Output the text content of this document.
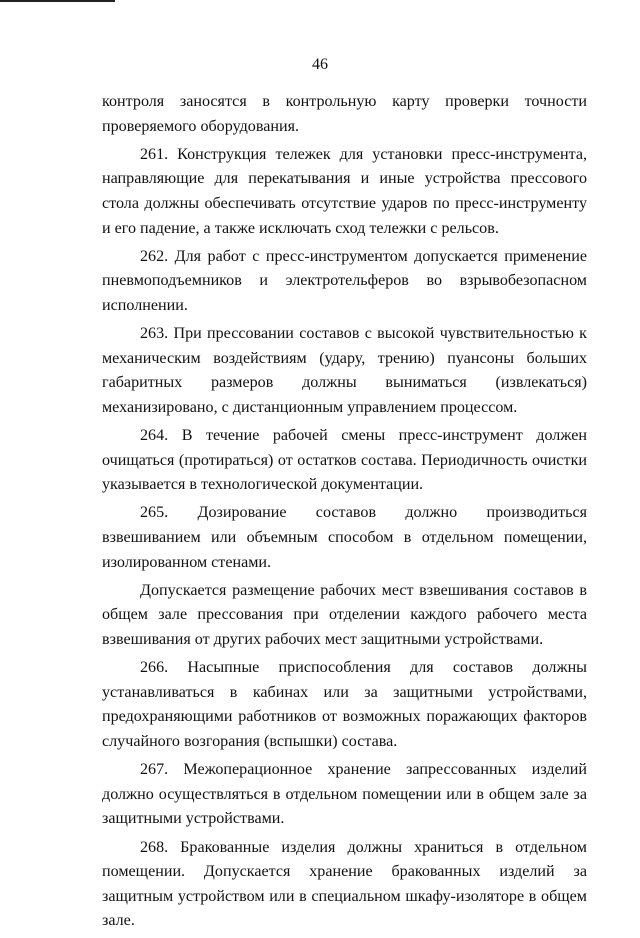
46

контроля заносятся в контрольную карту проверки точности проверяемого оборудования.

261. Конструкция тележек для установки пресс-инструмента, направляющие для перекатывания и иные устройства прессового стола должны обеспечивать отсутствие ударов по пресс-инструменту и его падение, а также исключать сход тележки с рельсов.

262. Для работ с пресс-инструментом допускается применение пневмоподъемников и электротельферов во взрывобезопасном исполнении.

263. При прессовании составов с высокой чувствительностью к механическим воздействиям (удару, трению) пуансоны больших габаритных размеров должны выниматься (извлекаться) механизировано, с дистанционным управлением процессом.

264. В течение рабочей смены пресс-инструмент должен очищаться (протираться) от остатков состава. Периодичность очистки указывается в технологической документации.

265. Дозирование составов должно производиться взвешиванием или объемным способом в отдельном помещении, изолированном стенами.

Допускается размещение рабочих мест взвешивания составов в общем зале прессования при отделении каждого рабочего места взвешивания от других рабочих мест защитными устройствами.

266. Насыпные приспособления для составов должны устанавливаться в кабинах или за защитными устройствами, предохраняющими работников от возможных поражающих факторов случайного возгорания (вспышки) состава.

267. Межоперационное хранение запрессованных изделий должно осуществляться в отдельном помещении или в общем зале за защитными устройствами.

268. Бракованные изделия должны храниться в отдельном помещении. Допускается хранение бракованных изделий за защитным устройством или в специальном шкафу-изоляторе в общем зале.
